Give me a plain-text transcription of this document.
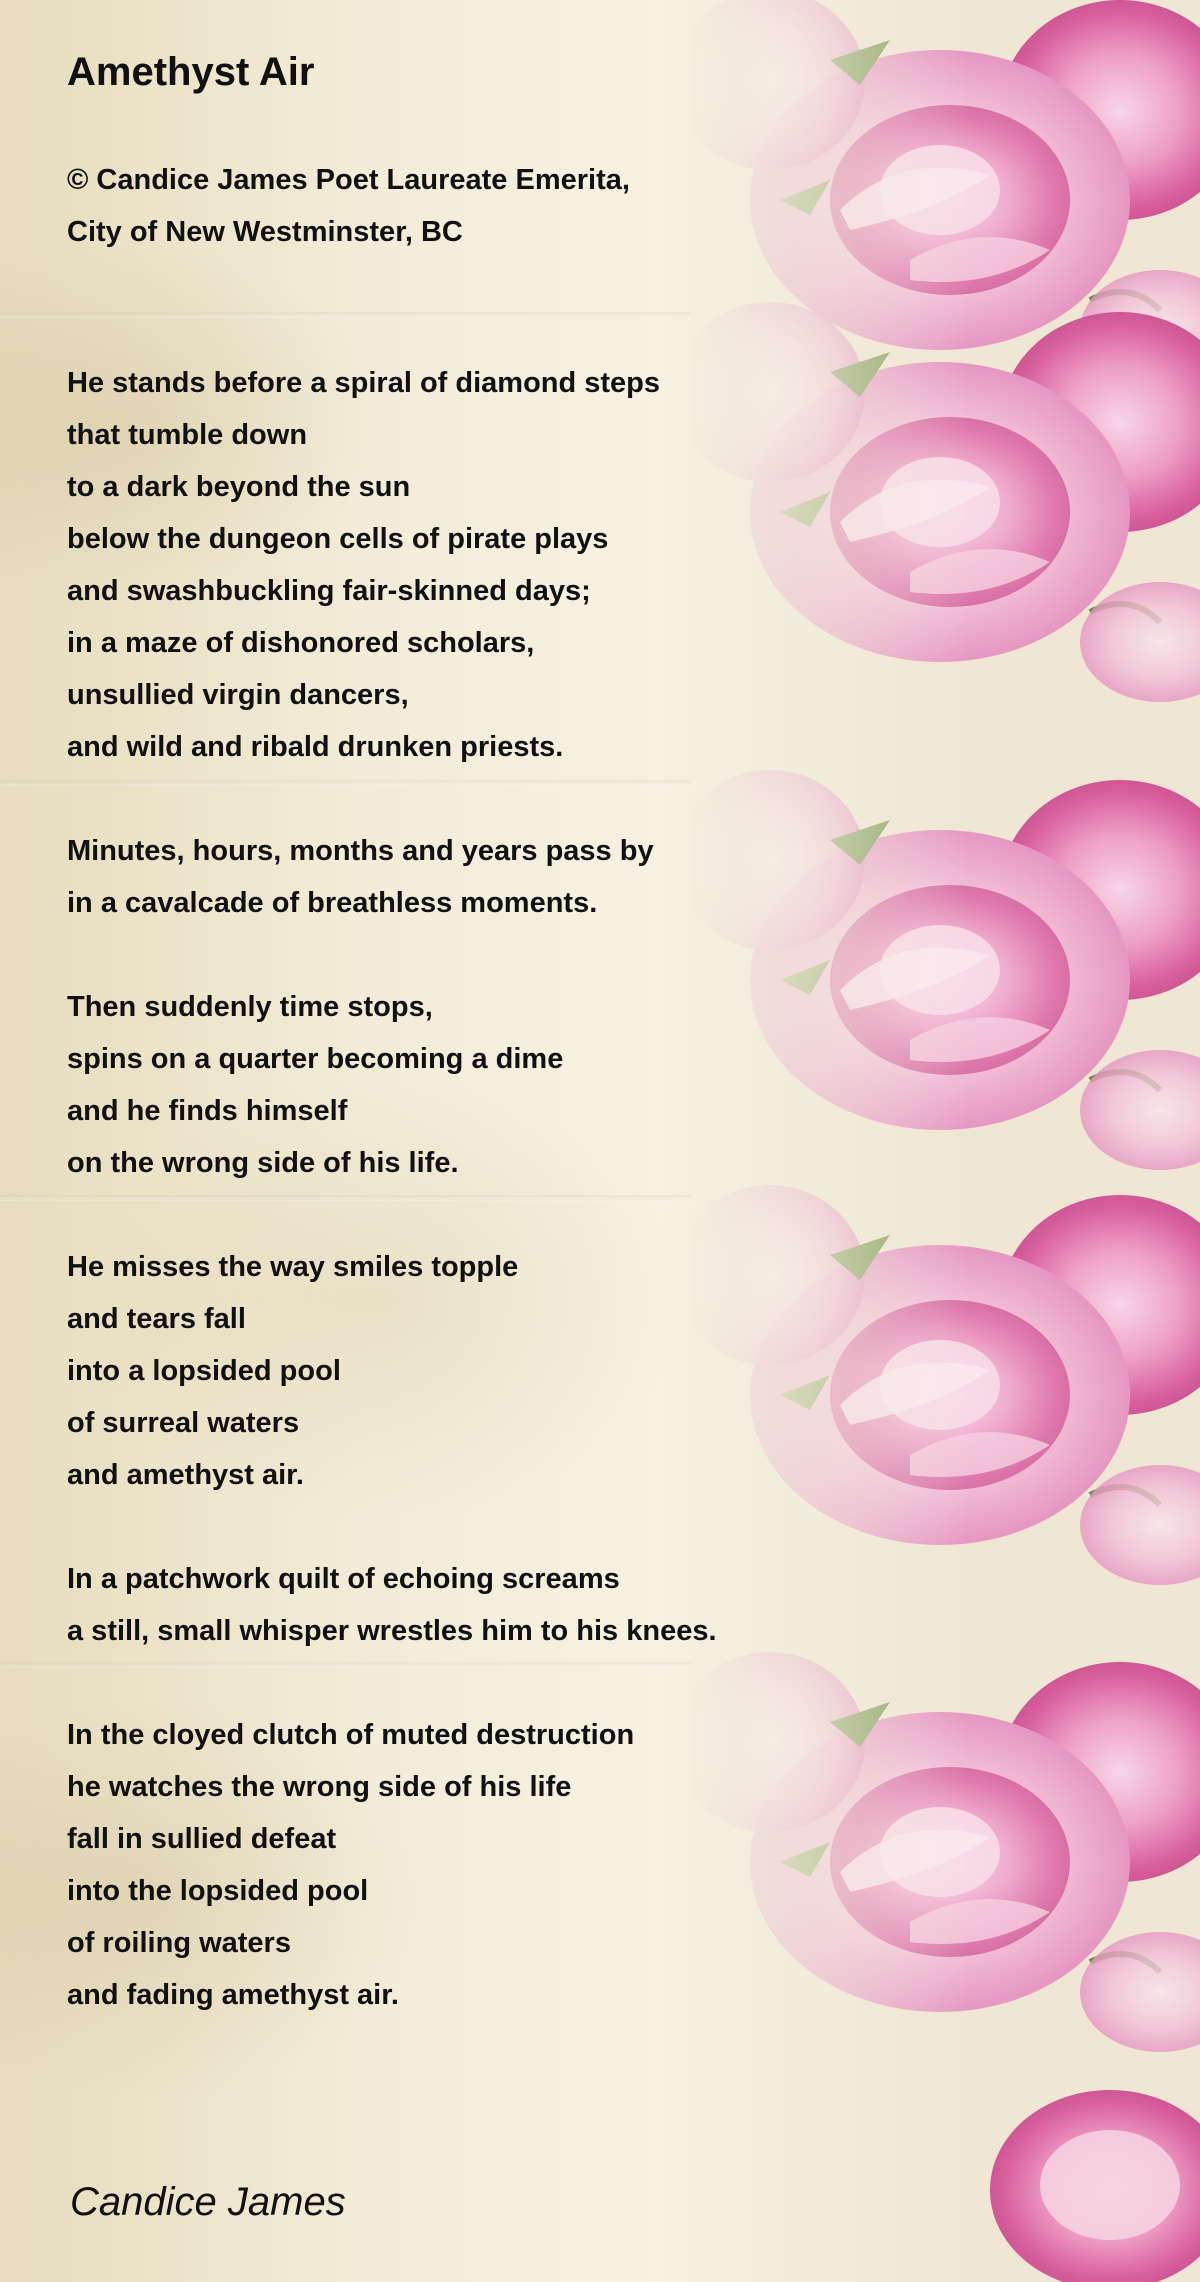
Amethyst Air
© Candice James Poet Laureate Emerita,
City of New Westminster, BC
He stands before a spiral of diamond steps
that tumble down
to a dark beyond the sun
below the dungeon cells of pirate plays
and swashbuckling fair-skinned days;
in a maze of dishonored scholars,
unsullied virgin dancers,
and wild and ribald drunken priests.
Minutes, hours, months and years pass by
in a cavalcade of breathless moments.
Then suddenly time stops,
spins on a quarter becoming a dime
and he finds himself
on the wrong side of his life.
He misses the way smiles topple
and tears fall
into a lopsided pool
of surreal waters
and amethyst air.
In a patchwork quilt of echoing screams
a still, small whisper wrestles him to his knees.
In the cloyed clutch of muted destruction
he watches the wrong side of his life
fall in sullied defeat
into the lopsided pool
of roiling waters
and fading amethyst air.
Candice James
